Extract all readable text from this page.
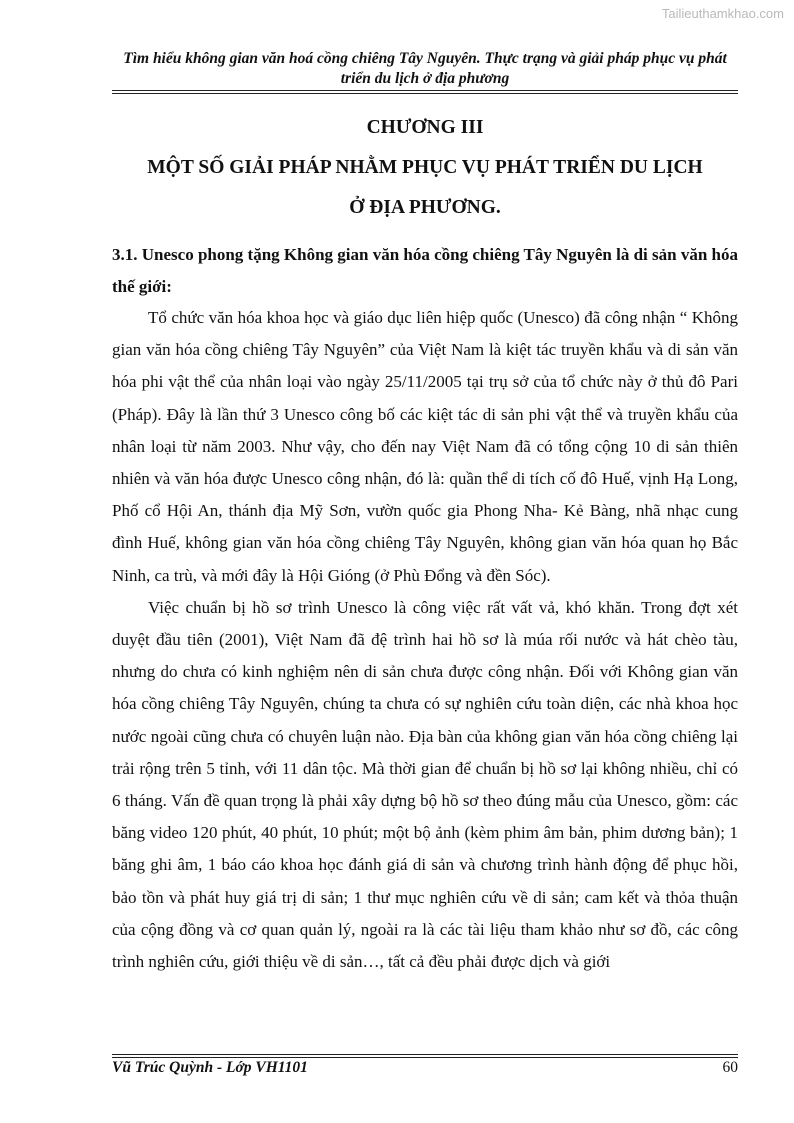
Tailieuthamkhao.com
Tìm hiểu không gian văn hoá cồng chiêng Tây Nguyên. Thực trạng và giải pháp phục vụ phát triển du lịch ở địa phương
CHƯƠNG III
MỘT SỐ GIẢI PHÁP NHẰM PHỤC VỤ PHÁT TRIỂN DU LỊCH
Ở ĐỊA PHƯƠNG.
3.1. Unesco phong tặng Không gian văn hóa cồng chiêng Tây Nguyên là di sản văn hóa thế giới:

Tổ chức văn hóa khoa học và giáo dục liên hiệp quốc (Unesco) đã công nhận “ Không gian văn hóa cồng chiêng Tây Nguyên” của Việt Nam là kiệt tác truyền khẩu và di sản văn hóa phi vật thể của nhân loại vào ngày 25/11/2005 tại trụ sở của tổ chức này ở thủ đô Pari (Pháp). Đây là lần thứ 3 Unesco công bố các kiệt tác di sản phi vật thể và truyền khẩu của nhân loại từ năm 2003. Như vậy, cho đến nay Việt Nam đã có tổng cộng 10 di sản thiên nhiên và văn hóa được Unesco công nhận, đó là: quần thể di tích cố đô Huế, vịnh Hạ Long, Phố cổ Hội An, thánh địa Mỹ Sơn, vườn quốc gia Phong Nha- Kẻ Bàng, nhã nhạc cung đình Huế, không gian văn hóa cồng chiêng Tây Nguyên, không gian văn hóa quan họ Bắc Ninh, ca trù, và mới đây là Hội Gióng (ở Phù Đổng và đền Sóc).

Việc chuẩn bị hồ sơ trình Unesco là công việc rất vất vả, khó khăn. Trong đợt xét duyệt đầu tiên (2001), Việt Nam đã đệ trình hai hồ sơ là múa rối nước và hát chèo tàu, nhưng do chưa có kinh nghiệm nên di sản chưa được công nhận. Đối với Không gian văn hóa cồng chiêng Tây Nguyên, chúng ta chưa có sự nghiên cứu toàn diện, các nhà khoa học nước ngoài cũng chưa có chuyên luận nào. Địa bàn của không gian văn hóa cồng chiêng lại trải rộng trên 5 tỉnh, với 11 dân tộc. Mà thời gian để chuẩn bị hồ sơ lại không nhiều, chỉ có 6 tháng. Vấn đề quan trọng là phải xây dựng bộ hồ sơ theo đúng mẫu của Unesco, gồm: các băng video 120 phút, 40 phút, 10 phút; một bộ ảnh (kèm phim âm bản, phim dương bản); 1 băng ghi âm, 1 báo cáo khoa học đánh giá di sản và chương trình hành động để phục hồi, bảo tồn và phát huy giá trị di sản; 1 thư mục nghiên cứu về di sản; cam kết và thỏa thuận của cộng đồng và cơ quan quản lý, ngoài ra là các tài liệu tham khảo như sơ đồ, các công trình nghiên cứu, giới thiệu về di sản…, tất cả đều phải được dịch và giới

Vũ Trúc Quỳnh - Lớp VH1101	60
